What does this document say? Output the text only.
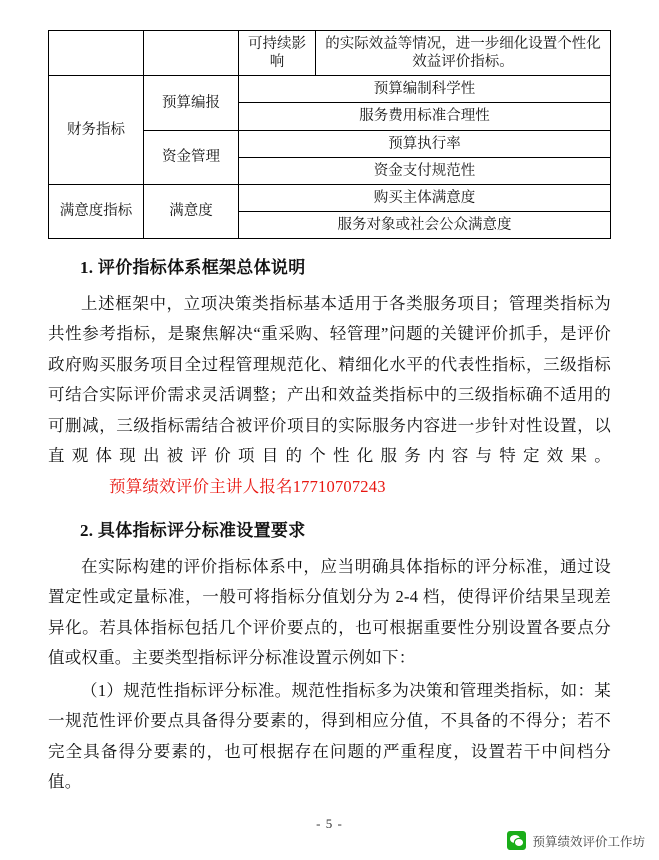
		可持续影响	的实际效益等情况，进一步细化设置个性化效益评价指标。
财务指标	预算编报	预算编制科学性	
		服务费用标准合理性	
	资金管理	预算执行率	
		资金支付规范性	
满意度指标	满意度	购买主体满意度	
		服务对象或社会公众满意度	
1. 评价指标体系框架总体说明

上述框架中，立项决策类指标基本适用于各类服务项目；管理类指标为共性参考指标，是聚焦解决“重采购、轻管理”问题的关键评价抓手，是评价政府购买服务项目全过程管理规范化、精细化水平的代表性指标，三级指标可结合实际评价需求灵活调整；产出和效益类指标中的三级指标确不适用的可删减，三级指标需结合被评价项目的实际服务内容进一步针对性设置，以直观体现出被评价项目的个性化服务内容与特定效果。预算绩效评价主讲人报名17710707243

2. 具体指标评分标准设置要求

在实际构建的评价指标体系中，应当明确具体指标的评分标准，通过设置定性或定量标准，一般可将指标分值划分为 2-4 档，使得评价结果呈现差异化。若具体指标包括几个评价要点的，也可根据重要性分别设置各要点分值或权重。主要类型指标评分标准设置示例如下：

（1）规范性指标评分标准。规范性指标多为决策和管理类指标，如：某一规范性评价要点具备得分要素的，得到相应分值，不具备的不得分；若不完全具备得分要素的，也可根据存在问题的严重程度，设置若干中间档分值。

- 5 -
预算绩效评价工作坊
